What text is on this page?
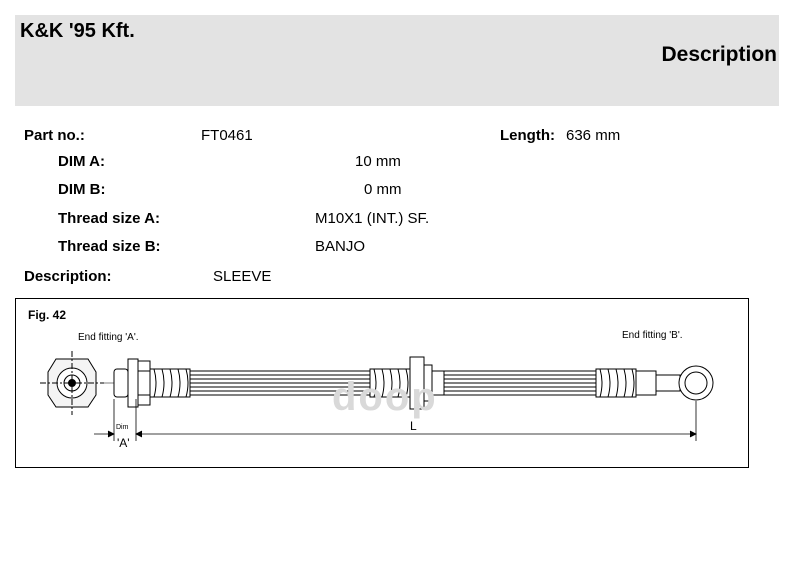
K&K '95 Kft.
Description
Part no.:	FT0461	Length: 636 mm
DIM A:	10 mm
DIM B:	0 mm
Thread size A:	M10X1 (INT.) SF.
Thread size B:	BANJO
Description:	SLEEVE
Fig. 42
End fitting 'A'.	End fitting 'B'.
Dim
'A'
L
doop
